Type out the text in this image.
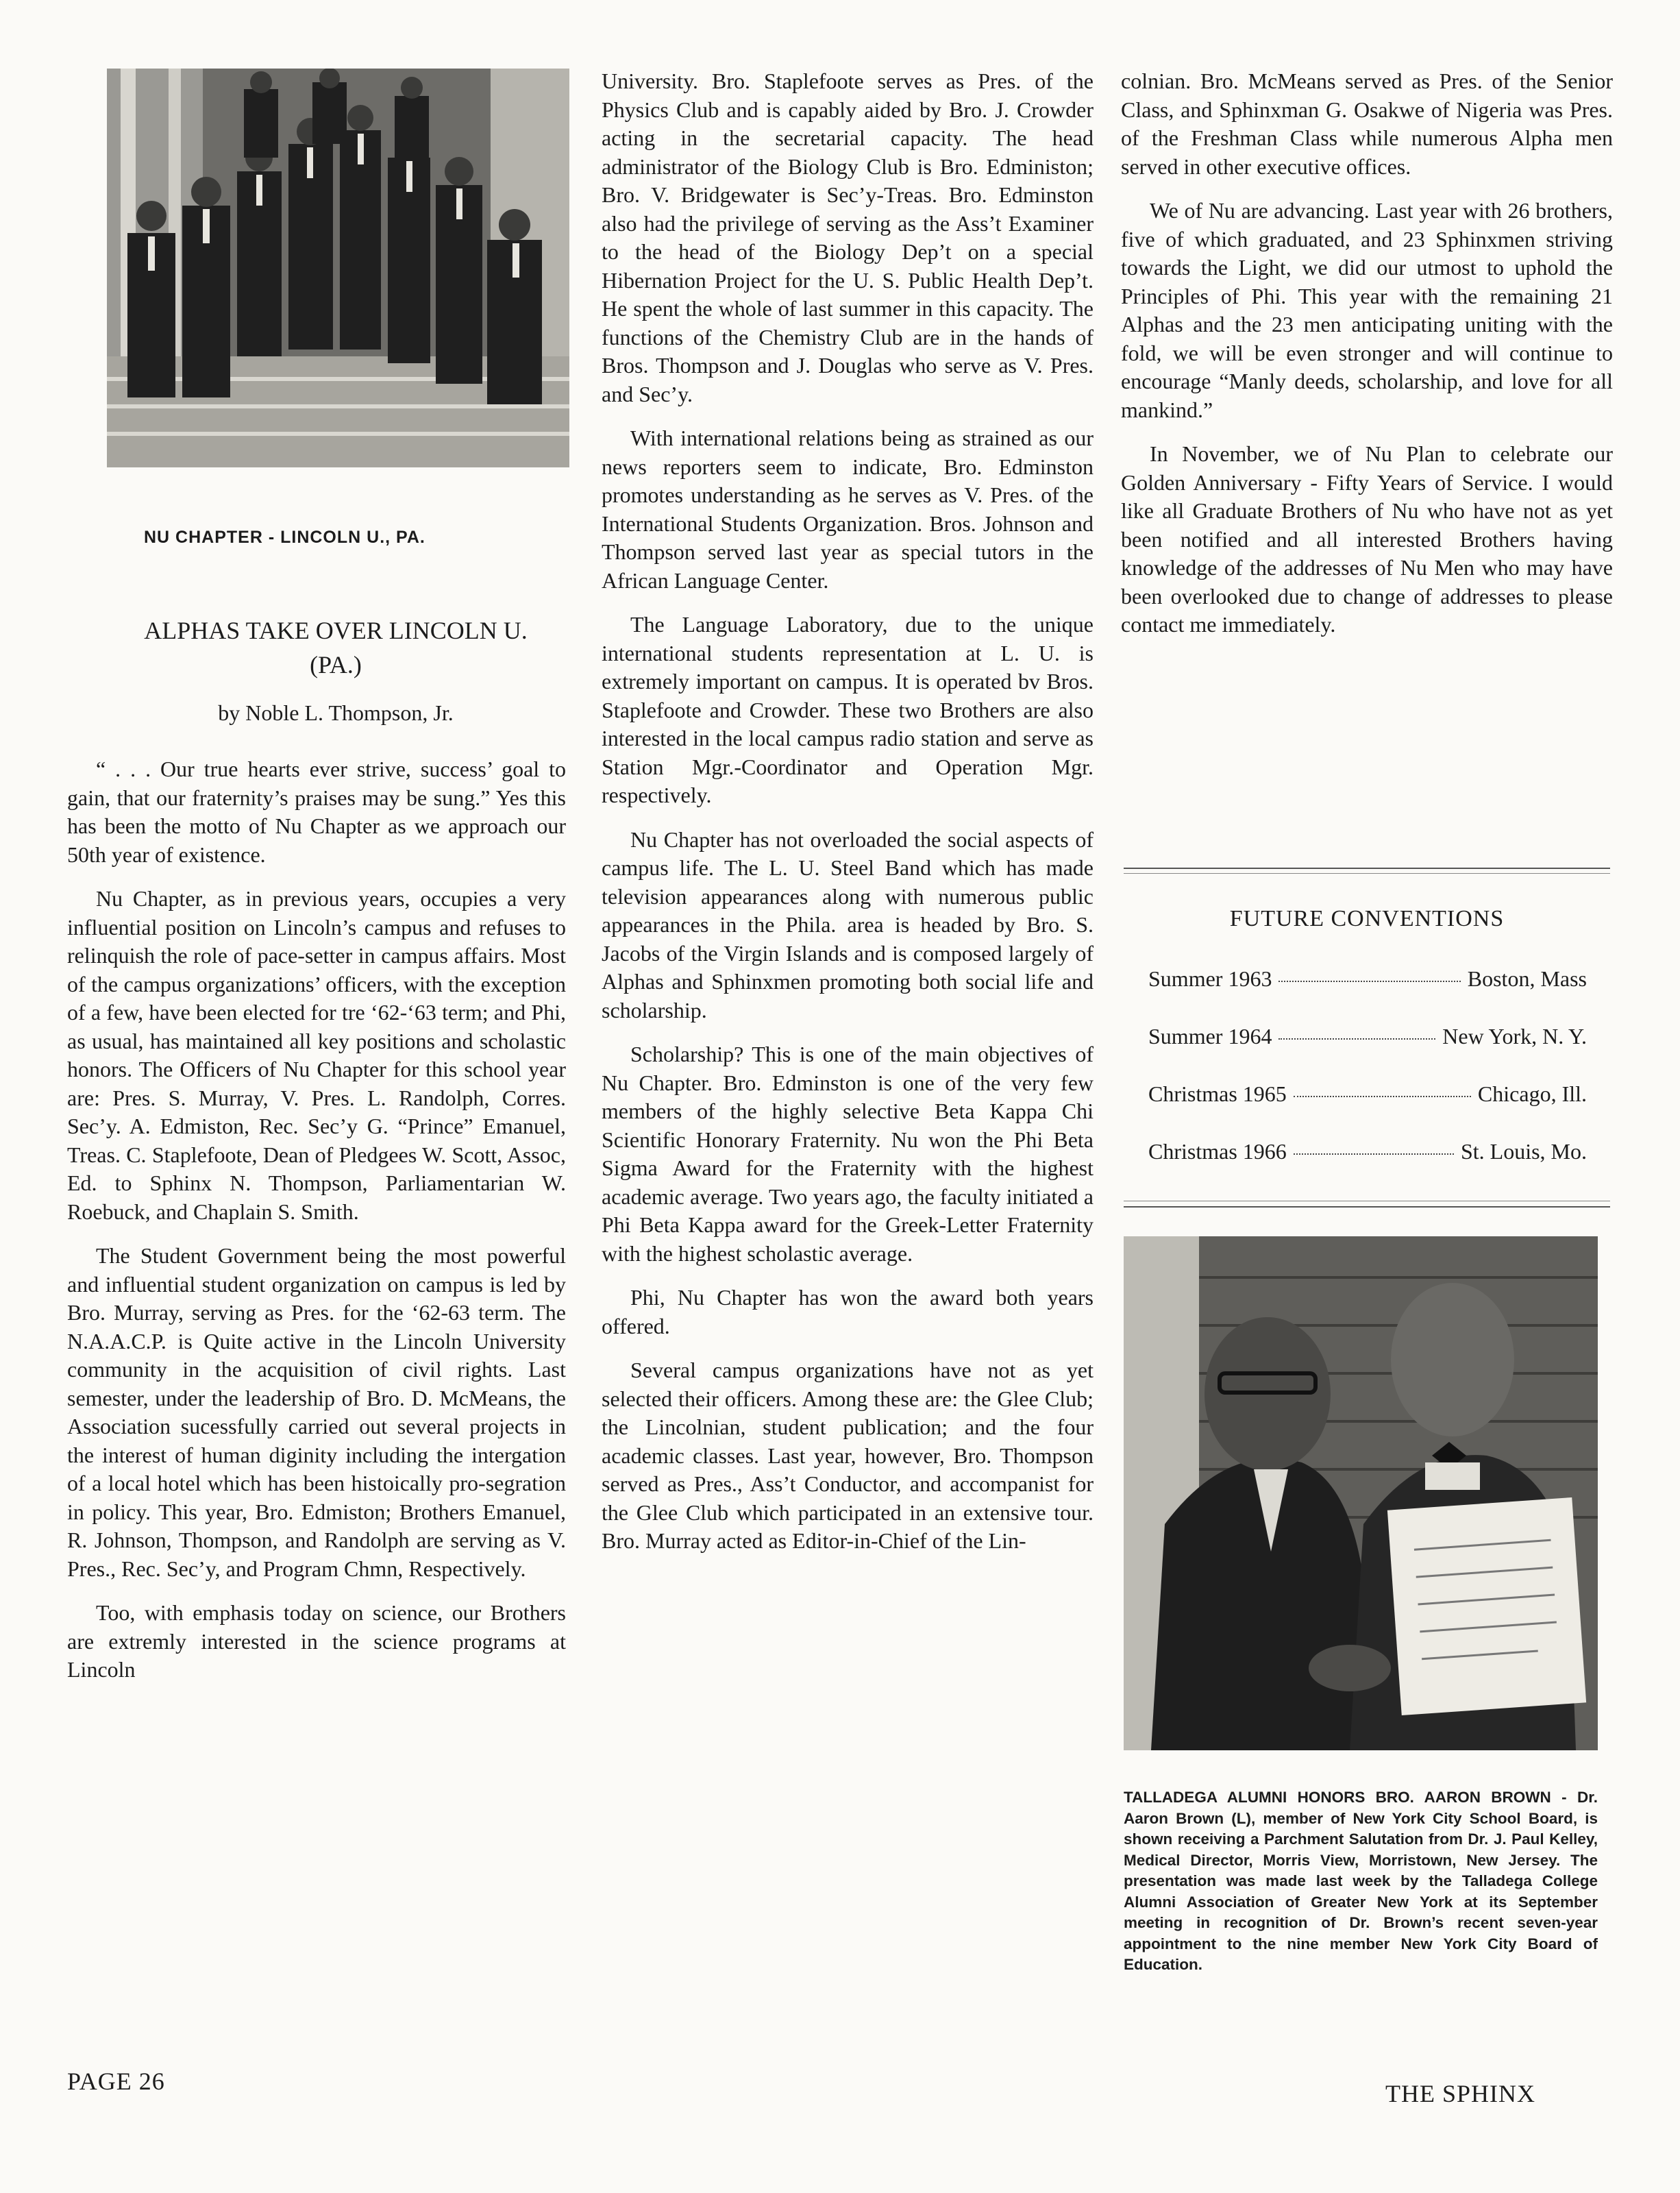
NU CHAPTER - LINCOLN U., PA.
ALPHAS TAKE OVER LINCOLN U.
(PA.)
by Noble L. Thompson, Jr.

“ . . . Our true hearts ever strive, success’ goal to gain, that our fraternity’s praises may be sung.” Yes this has been the motto of Nu Chapter as we approach our 50th year of existence.

Nu Chapter, as in previous years, occupies a very influential position on Lincoln’s campus and refuses to relinquish the role of pace-setter in campus affairs. Most of the campus organizations’ officers, with the exception of a few, have been elected for tre ‘62-‘63 term; and Phi, as usual, has maintained all key positions and scholastic honors. The Officers of Nu Chapter for this school year are: Pres. S. Murray, V. Pres. L. Randolph, Corres. Sec’y. A. Edmiston, Rec. Sec’y G. “Prince” Emanuel, Treas. C. Staplefoote, Dean of Pledgees W. Scott, Assoc, Ed. to Sphinx N. Thompson, Parliamentarian W. Roebuck, and Chaplain S. Smith.

The Student Government being the most powerful and influential student organization on campus is led by Bro. Murray, serving as Pres. for the ‘62-63 term. The N.A.A.C.P. is Quite active in the Lincoln University community in the acquisition of civil rights. Last semester, under the leadership of Bro. D. McMeans, the Association sucessfully carried out several projects in the interest of human diginity including the intergation of a local hotel which has been histoically pro-segration in policy. This year, Bro. Edmiston; Brothers Emanuel, R. Johnson, Thompson, and Randolph are serving as V. Pres., Rec. Sec’y, and Program Chmn, Respectively.

Too, with emphasis today on science, our Brothers are extremly interested in the science programs at Lincoln

University. Bro. Staplefoote serves as Pres. of the Physics Club and is capably aided by Bro. J. Crowder acting in the secretarial capacity. The head administrator of the Biology Club is Bro. Edministon; Bro. V. Bridgewater is Sec’y-Treas. Bro. Edminston also had the privilege of serving as the Ass’t Examiner to the head of the Biology Dep’t on a special Hibernation Project for the U. S. Public Health Dep’t. He spent the whole of last summer in this capacity. The functions of the Chemistry Club are in the hands of Bros. Thompson and J. Douglas who serve as V. Pres. and Sec’y.

With international relations being as strained as our news reporters seem to indicate, Bro. Edminston promotes understanding as he serves as V. Pres. of the International Students Organization. Bros. Johnson and Thompson served last year as special tutors in the African Language Center.

The Language Laboratory, due to the unique international students representation at L. U. is extremely important on campus. It is operated bv Bros. Staplefoote and Crowder. These two Brothers are also interested in the local campus radio station and serve as Station Mgr.-Coordinator and Operation Mgr. respectively.

Nu Chapter has not overloaded the social aspects of campus life. The L. U. Steel Band which has made television appearances along with numerous public appearances in the Phila. area is headed by Bro. S. Jacobs of the Virgin Islands and is composed largely of Alphas and Sphinxmen promoting both social life and scholarship.

Scholarship? This is one of the main objectives of Nu Chapter. Bro. Edminston is one of the very few members of the highly selective Beta Kappa Chi Scientific Honorary Fraternity. Nu won the Phi Beta Sigma Award for the Fraternity with the highest academic average. Two years ago, the faculty initiated a Phi Beta Kappa award for the Greek-Letter Fraternity with the highest scholastic average.

Phi, Nu Chapter has won the award both years offered.

Several campus organizations have not as yet selected their officers. Among these are: the Glee Club; the Lincolnian, student publication; and the four academic classes. Last year, however, Bro. Thompson served as Pres., Ass’t Conductor, and accompanist for the Glee Club which participated in an extensive tour. Bro. Murray acted as Editor-in-Chief of the Lin-

colnian. Bro. McMeans served as Pres. of the Senior Class, and Sphinxman G. Osakwe of Nigeria was Pres. of the Freshman Class while numerous Alpha men served in other executive offices.

We of Nu are advancing. Last year with 26 brothers, five of which graduated, and 23 Sphinxmen striving towards the Light, we did our utmost to uphold the Principles of Phi. This year with the remaining 21 Alphas and the 23 men anticipating uniting with the fold, we will be even stronger and will continue to encourage “Manly deeds, scholarship, and love for all mankind.”

In November, we of Nu Plan to celebrate our Golden Anniversary - Fifty Years of Service. I would like all Graduate Brothers of Nu who have not as yet been notified and all interested Brothers having knowledge of the addresses of Nu Men who may have been overlooked due to change of addresses to please contact me immediately.

FUTURE CONVENTIONS
Summer 1963	Boston, Mass
Summer 1964	New York, N. Y.
Christmas 1965	Chicago, Ill.
Christmas 1966	St. Louis, Mo.
TALLADEGA ALUMNI HONORS BRO. AARON BROWN - Dr. Aaron Brown (L), member of New York City School Board, is shown receiving a Parchment Salutation from Dr. J. Paul Kelley, Medical Director, Morris View, Morristown, New Jersey. The presentation was made last week by the Talladega College Alumni Association of Greater New York at its September meeting in recognition of Dr. Brown’s recent seven-year appointment to the nine member New York City Board of Education.
PAGE 26	THE SPHINX
